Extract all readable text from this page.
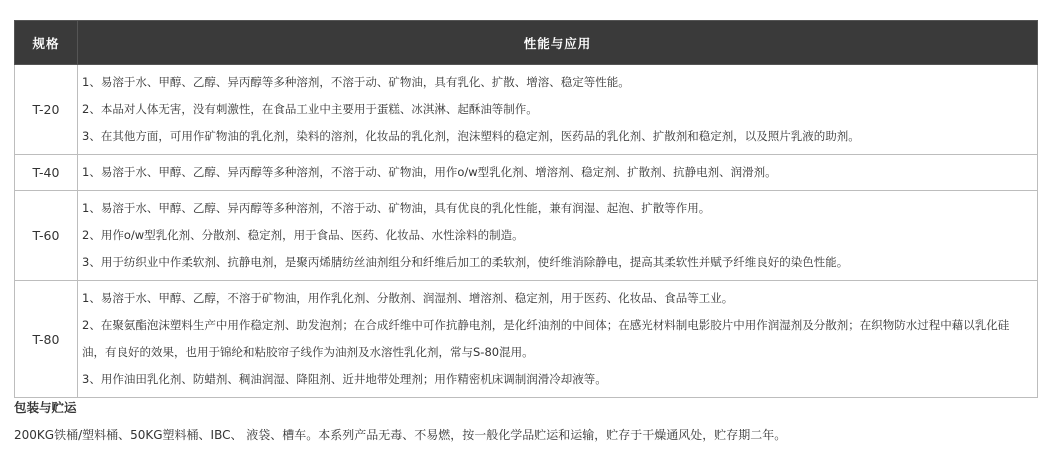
规格	性能与应用
T-20	1、易溶于水、甲醇、乙醇、异丙醇等多种溶剂，不溶于动、矿物油，具有乳化、扩散、增溶、稳定等性能。
2、本品对人体无害，没有刺激性，在食品工业中主要用于蛋糕、冰淇淋、起酥油等制作。
3、在其他方面，可用作矿物油的乳化剂，染料的溶剂，化妆品的乳化剂，泡沫塑料的稳定剂，医药品的乳化剂、扩散剂和稳定剂，以及照片乳液的助剂。

T-40	1、易溶于水、甲醇、乙醇、异丙醇等多种溶剂，不溶于动、矿物油，用作o/w型乳化剂、增溶剂、稳定剂、扩散剂、抗静电剂、润滑剂。

T-60	1、易溶于水、甲醇、乙醇、异丙醇等多种溶剂，不溶于动、矿物油，具有优良的乳化性能，兼有润湿、起泡、扩散等作用。
2、用作o/w型乳化剂、分散剂、稳定剂，用于食品、医药、化妆品、水性涂料的制造。
3、用于纺织业中作柔软剂、抗静电剂，是聚丙烯腈纺丝油剂组分和纤维后加工的柔软剂，使纤维消除静电，提高其柔软性并赋予纤维良好的染色性能。

T-80	1、易溶于水、甲醇、乙醇，不溶于矿物油，用作乳化剂、分散剂、润湿剂、增溶剂、稳定剂，用于医药、化妆品、食品等工业。
2、在聚氨酯泡沫塑料生产中用作稳定剂、助发泡剂；在合成纤维中可作抗静电剂，是化纤油剂的中间体；在感光材料制电影胶片中用作润湿剂及分散剂；在织物防水过程中藉以乳化硅油，有良好的效果，也用于锦纶和粘胶帘子线作为油剂及水溶性乳化剂，常与S-80混用。
3、用作油田乳化剂、防蜡剂、稠油润湿、降阻剂、近井地带处理剂；用作精密机床调制润滑冷却液等。
包装与贮运
200KG铁桶/塑料桶、50KG塑料桶、IBC、 液袋、槽车。本系列产品无毒、不易燃，按一般化学品贮运和运输，贮存于干燥通风处，贮存期二年。
